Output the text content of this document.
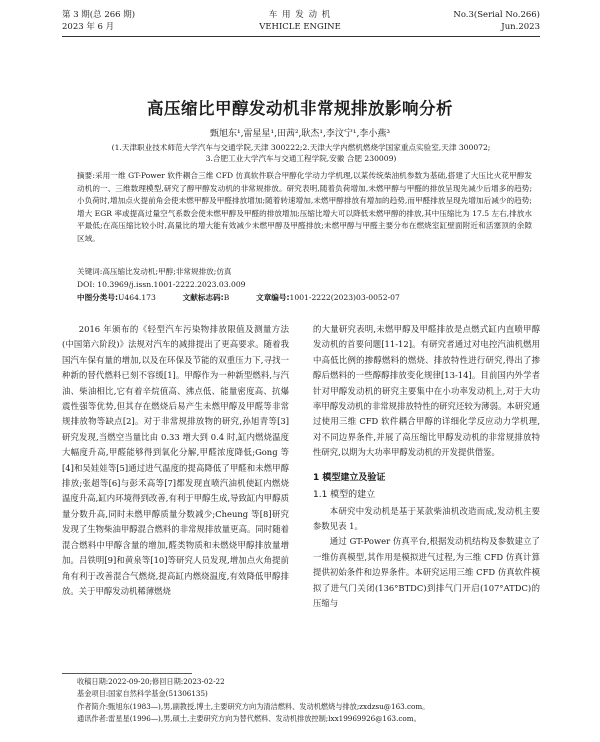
第 3 期(总 266 期)
2023 年 6 月
车 用 发 动 机
VEHICLE ENGINE
No.3(Serial No.266)
Jun.2023
高压缩比甲醇发动机非常规排放影响分析
甄旭东¹,雷星星¹,田茜²,耿杰¹,李汶宁¹,李小燕³
(1.天津职业技术师范大学汽车与交通学院,天津 300222;2.天津大学内燃机燃烧学国家重点实验室,天津 300072;
3.合肥工业大学汽车与交通工程学院,安徽 合肥 230009)
摘要:采用一维 GT-Power 软件耦合三维 CFD 仿真软件联合甲醇化学动力学机理,以某传统柴油机参数为基础,搭建了大压比火花甲醇发动机的一、三维数理模型,研究了醇甲醇发动机的非常规排放。研究表明,随着负荷增加,未燃甲醇与甲醛的排放呈现先减少后增多的趋势;小负荷时,增加点火提前角会使未燃甲醇及甲醛排放增加;随着转速增加,未燃甲醇排放有增加的趋势,而甲醛排放呈现先增加后减少的趋势;增大 EGR 率或提高过量空气系数会使未燃甲醇及甲醛的排放增加;压缩比增大可以降低未燃甲醇的排放,其中压缩比为 17.5 左右,排放水平最低;在高压缩比较小时,高量比的增大能有效减少未燃甲醇及甲醛排放;未燃甲醇与甲醛主要分布在燃烧室缸壁面附近和活塞顶的余隙区域。
关键词:高压缩比发动机;甲醇;非常规排放;仿真
DOI: 10.3969/j.issn.1001-2222.2023.03.009
中图分类号:U464.173	文献标志码:B	文章编号:1001-2222(2023)03-0052-07

2016 年颁布的《轻型汽车污染物排放限值及测量方法(中国第六阶段)》法规对汽车的减排提出了更高要求。随着我国汽车保有量的增加,以及在环保及节能的双重压力下,寻找一种新的替代燃料已刻不容缓[1]。甲醇作为一种新型燃料,与汽油、柴油相比,它有着辛烷值高、沸点低、能量密度高、抗爆震性强等优势,但其存在燃烧后易产生未燃甲醇及甲醛等非常规排放物等缺点[2]。对于非常规排放物的研究,孙旭青等[3]研究发现,当燃空当量比由 0.33 增大到 0.4 时,缸内燃烧温度大幅度升高,甲醛能够得到氧化分解,甲醛浓度降低;Gong 等[4]和吴娃娃等[5]通过进气温度的提高降低了甲醛和未燃甲醇排放;张超等[6]与彭禾高等[7]都发现直喷汽油机使缸内燃烧温度升高,缸内环境得到改善,有利于甲醇生成,导致缸内甲醇质量分数升高,同时未燃甲醇质量分数减少;Cheung 等[8]研究发现了生物柴油甲醇混合燃料的非常规排放量更高。同时随着混合燃料中甲醇含量的增加,醛类物质和未燃烧甲醇排放量增加。吕铁明[9]和黄泉等[10]等研究人员发现,增加点火角提前角有利于改善混合气燃烧,提高缸内燃烧温度,有效降低甲醇排放。关于甲醇发动机稀薄燃烧

的大量研究表明,未燃甲醇及甲醛排放是点燃式缸内直喷甲醇发动机的首要问题[11-12]。有研究者通过对电控汽油机燃用中高低比例的掺醇燃料的燃烧、排放特性进行研究,得出了掺醇后燃料的一些醇醇排放变化规律[13-14]。目前国内外学者针对甲醇发动机的研究主要集中在小功率发动机上,对于大功率甲醇发动机的非常规排放特性的研究还较为薄弱。本研究通过使用三维 CFD 软件耦合甲醇的详细化学反应动力学机理,对不同边界条件,并展了高压缩比甲醇发动机的非常规排放特性研究,以期为大功率甲醇发动机的开发提供借鉴。

1 模型建立及验证
1.1 模型的建立

本研究中发动机是基于某款柴油机改造而成,发动机主要参数见表 1。

通过 GT-Power 仿真平台,根据发动机结构及参数建立了一维仿真模型,其作用是模拟进气过程,为三维 CFD 仿真计算提供初始条件和边界条件。本研究运用三维 CFD 仿真软件模拟了进气门关闭(136°BTDC)到排气门开启(107°ATDC)的压缩与

收稿日期:2022-09-20;修回日期:2023-02-22
基金项目:国家自然科学基金(51306135)
作者简介:甄旭东(1983—),男,副教授,博士,主要研究方向为清洁燃料、发动机燃烧与排放;zxdzsu@163.com。
通讯作者:雷星星(1996—),男,硕士,主要研究方向为替代燃料、发动机排放控制;lxx19969926@163.com。
